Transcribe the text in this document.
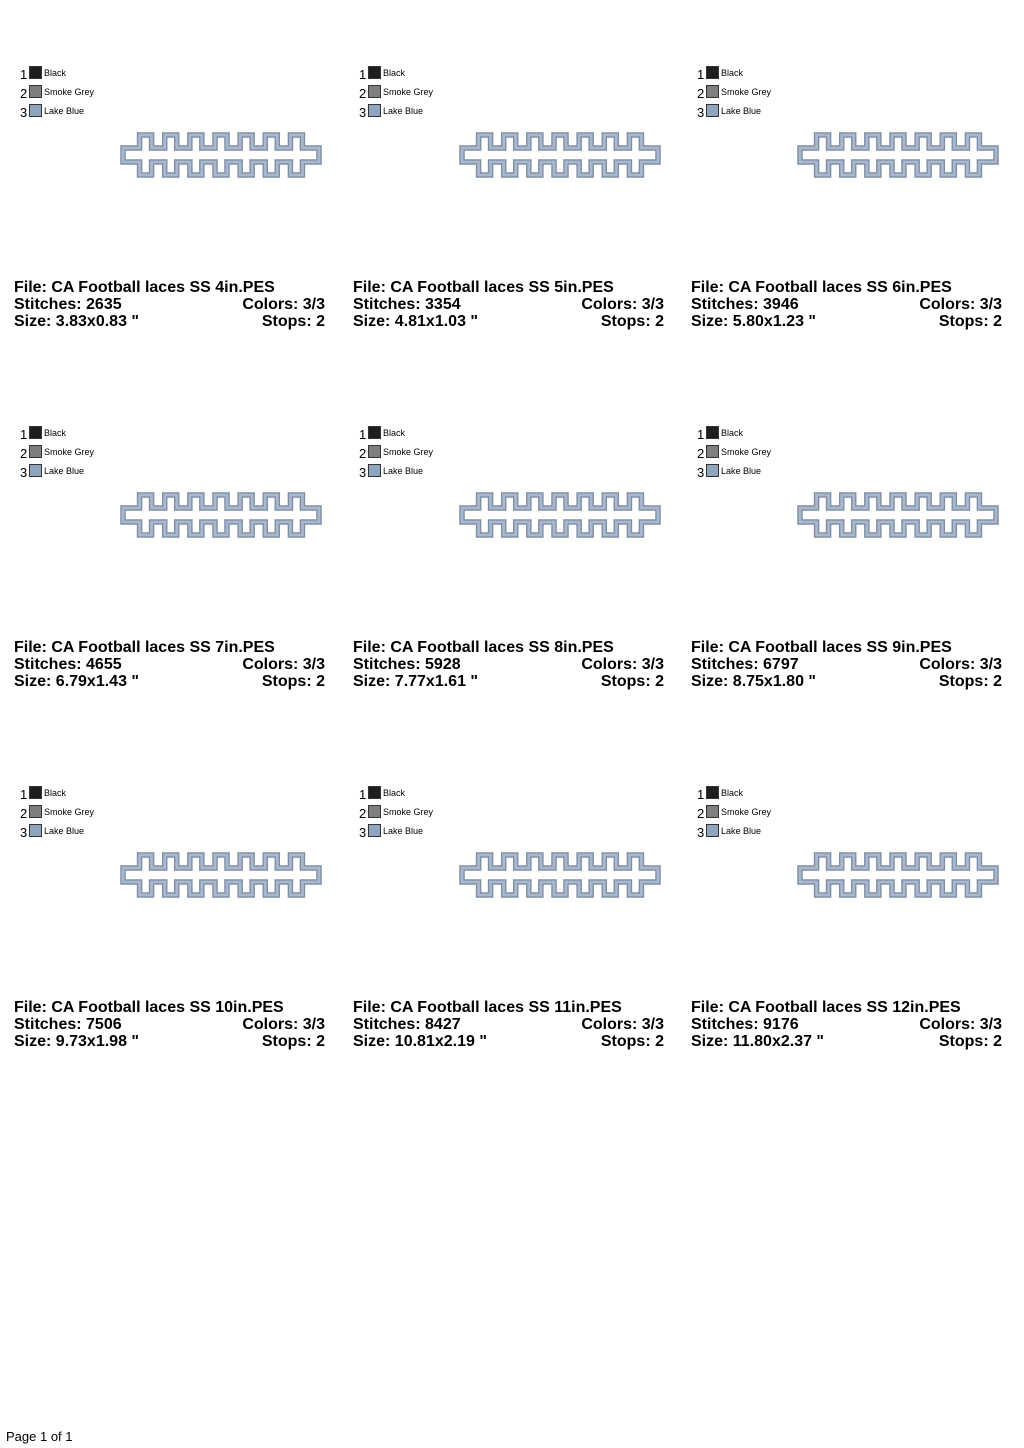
1 Black
2 Smoke Grey
3 Lake Blue
File: CA Football laces SS 4in.PES
Stitches: 2635	Colors: 3/3
Size: 3.83x0.83 "	Stops: 2
1 Black
2 Smoke Grey
3 Lake Blue
File: CA Football laces SS 5in.PES
Stitches: 3354	Colors: 3/3
Size: 4.81x1.03 "	Stops: 2
1 Black
2 Smoke Grey
3 Lake Blue
File: CA Football laces SS 6in.PES
Stitches: 3946	Colors: 3/3
Size: 5.80x1.23 "	Stops: 2
1 Black
2 Smoke Grey
3 Lake Blue
File: CA Football laces SS 7in.PES
Stitches: 4655	Colors: 3/3
Size: 6.79x1.43 "	Stops: 2
1 Black
2 Smoke Grey
3 Lake Blue
File: CA Football laces SS 8in.PES
Stitches: 5928	Colors: 3/3
Size: 7.77x1.61 "	Stops: 2
1 Black
2 Smoke Grey
3 Lake Blue
File: CA Football laces SS 9in.PES
Stitches: 6797	Colors: 3/3
Size: 8.75x1.80 "	Stops: 2
1 Black
2 Smoke Grey
3 Lake Blue
File: CA Football laces SS 10in.PES
Stitches: 7506	Colors: 3/3
Size: 9.73x1.98 "	Stops: 2
1 Black
2 Smoke Grey
3 Lake Blue
File: CA Football laces SS 11in.PES
Stitches: 8427	Colors: 3/3
Size: 10.81x2.19 "	Stops: 2
1 Black
2 Smoke Grey
3 Lake Blue
File: CA Football laces SS 12in.PES
Stitches: 9176	Colors: 3/3
Size: 11.80x2.37 "	Stops: 2
Page 1 of 1
